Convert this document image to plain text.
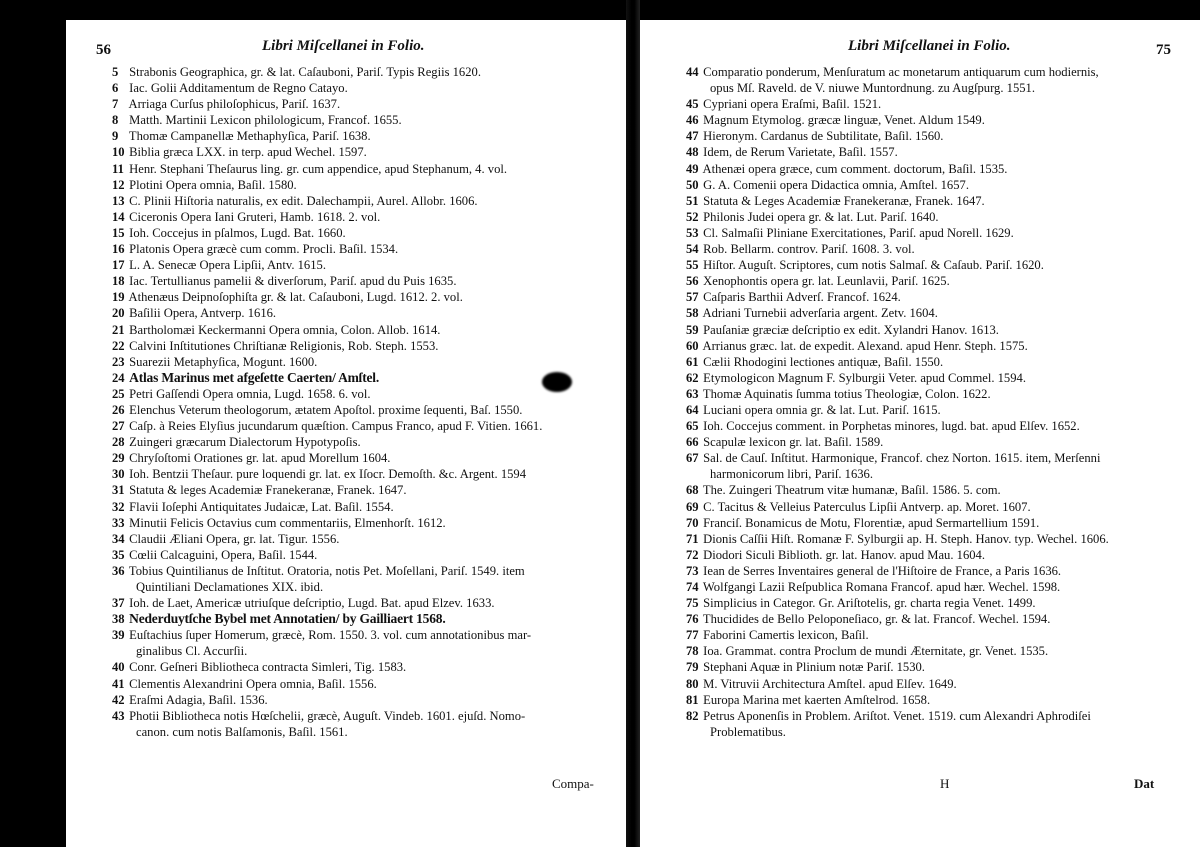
56	Libri Miſcellanei in Folio.
5 Strabonis Geographica, gr. & lat. Caſauboni, Pariſ. Typis Regiis 1620.
6 Iac. Golii Additamentum de Regno Catayo.
7 Arriaga Curſus philoſophicus, Pariſ. 1637.
8 Matth. Martinii Lexicon philologicum, Francof. 1655.
9 Thomæ Campanellæ Methaphyſica, Pariſ. 1638.
10 Biblia græca LXX. in terp. apud Wechel. 1597.
11 Henr. Stephani Theſaurus ling. gr. cum appendice, apud Stephanum, 4. vol.
12 Plotini Opera omnia, Baſil. 1580.
13 C. Plinii Hiſtoria naturalis, ex edit. Dalechampii, Aurel. Allobr. 1606.
14 Ciceronis Opera Iani Gruteri, Hamb. 1618. 2. vol.
15 Ioh. Coccejus in pſalmos, Lugd. Bat. 1660.
16 Platonis Opera græcè cum comm. Procli. Baſil. 1534.
17 L. A. Senecæ Opera Lipſii, Antv. 1615.
18 Iac. Tertullianus pamelii & diverſorum, Pariſ. apud du Puis 1635.
19 Athenæus Deipnoſophiſta gr. & lat. Caſauboni, Lugd. 1612. 2. vol.
20 Baſilii Opera, Antverp. 1616.
21 Bartholomæi Keckermanni Opera omnia, Colon. Allob. 1614.
22 Calvini Inſtitutiones Chriſtianæ Religionis, Rob. Steph. 1553.
23 Suarezii Metaphyſica, Mogunt. 1600.
24 Atlas Marinus met afgeſette Caerten/ Amſtel.
25 Petri Gaſſendi Opera omnia, Lugd. 1658. 6. vol.
26 Elenchus Veterum theologorum, ætatem Apoſtol. proxime ſequenti, Baſ. 1550.
27 Caſp. à Reies Elyſius jucundarum quæſtion. Campus Franco, apud F. Vitien. 1661.
28 Zuingeri græcarum Dialectorum Hypotypoſis.
29 Chryſoſtomi Orationes gr. lat. apud Morellum 1604.
30 Ioh. Bentzii Theſaur. pure loquendi gr. lat. ex Iſocr. Demoſth. &c. Argent. 1594
31 Statuta & leges Academiæ Franekeranæ, Franek. 1647.
32 Flavii Ioſephi Antiquitates Judaicæ, Lat. Baſil. 1554.
33 Minutii Felicis Octavius cum commentariis, Elmenhorſt. 1612.
34 Claudii Æliani Opera, gr. lat. Tigur. 1556.
35 Cœlii Calcaguini, Opera, Baſil. 1544.
36 Tobius Quintilianus de Inſtitut. Oratoria, notis Pet. Moſellani, Pariſ. 1549. item
Quintiliani Declamationes XIX. ibid.
37 Ioh. de Laet, Americæ utriuſque deſcriptio, Lugd. Bat. apud Elzev. 1633.
38 Nederduytſche Bybel met Annotatien/ by Gailliaert 1568.
39 Euſtachius ſuper Homerum, græcè, Rom. 1550. 3. vol. cum annotationibus mar-
ginalibus Cl. Accurſii.
40 Conr. Geſneri Bibliotheca contracta Simleri, Tig. 1583.
41 Clementis Alexandrini Opera omnia, Baſil. 1556.
42 Eraſmi Adagia, Baſil. 1536.
43 Photii Bibliotheca notis Hœſchelii, græcè, Auguſt. Vindeb. 1601. ejuſd. Nomo-
canon. cum notis Balſamonis, Baſil. 1561.
Compa-
Libri Miſcellanei in Folio.	75
44 Comparatio ponderum, Menſuratum ac monetarum antiquarum cum hodiernis,
opus Mſ. Raveld. de V. niuwe Muntordnung. zu Augſpurg. 1551.
45 Cypriani opera Eraſmi, Baſil. 1521.
46 Magnum Etymolog. græcæ linguæ, Venet. Aldum 1549.
47 Hieronym. Cardanus de Subtilitate, Baſil. 1560.
48 Idem, de Rerum Varietate, Baſil. 1557.
49 Athenæi opera græce, cum comment. doctorum, Baſil. 1535.
50 G. A. Comenii opera Didactica omnia, Amſtel. 1657.
51 Statuta & Leges Academiæ Franekeranæ, Franek. 1647.
52 Philonis Judei opera gr. & lat. Lut. Pariſ. 1640.
53 Cl. Salmaſii Pliniane Exercitationes, Pariſ. apud Norell. 1629.
54 Rob. Bellarm. controv. Pariſ. 1608. 3. vol.
55 Hiſtor. Auguſt. Scriptores, cum notis Salmaſ. & Caſaub. Pariſ. 1620.
56 Xenophontis opera gr. lat. Leunlavii, Pariſ. 1625.
57 Caſparis Barthii Adverſ. Francof. 1624.
58 Adriani Turnebii adverſaria argent. Zetv. 1604.
59 Pauſaniæ græciæ deſcriptio ex edit. Xylandri Hanov. 1613.
60 Arrianus græc. lat. de expedit. Alexand. apud Henr. Steph. 1575.
61 Cælii Rhodogini lectiones antiquæ, Baſil. 1550.
62 Etymologicon Magnum F. Sylburgii Veter. apud Commel. 1594.
63 Thomæ Aquinatis ſumma totius Theologiæ, Colon. 1622.
64 Luciani opera omnia gr. & lat. Lut. Pariſ. 1615.
65 Ioh. Coccejus comment. in Porphetas minores, lugd. bat. apud Elſev. 1652.
66 Scapulæ lexicon gr. lat. Baſil. 1589.
67 Sal. de Cauſ. Inſtitut. Harmonique, Francof. chez Norton. 1615. item, Merſenni
harmonicorum libri, Pariſ. 1636.
68 The. Zuingeri Theatrum vitæ humanæ, Baſil. 1586. 5. com.
69 C. Tacitus & Velleius Paterculus Lipſii Antverp. ap. Moret. 1607.
70 Franciſ. Bonamicus de Motu, Florentiæ, apud Sermartellium 1591.
71 Dionis Caſſii Hiſt. Romanæ F. Sylburgii ap. H. Steph. Hanov. typ. Wechel. 1606.
72 Diodori Siculi Biblioth. gr. lat. Hanov. apud Mau. 1604.
73 Iean de Serres Inventaires general de l'Hiſtoire de France, a Paris 1636.
74 Wolfgangi Lazii Reſpublica Romana Francof. apud hær. Wechel. 1598.
75 Simplicius in Categor. Gr. Ariſtotelis, gr. charta regia Venet. 1499.
76 Thucidides de Bello Peloponeſiaco, gr. & lat. Francof. Wechel. 1594.
77 Faborini Camertis lexicon, Baſil.
78 Ioa. Grammat. contra Proclum de mundi Æternitate, gr. Venet. 1535.
79 Stephani Aquæ in Plinium notæ Pariſ. 1530.
80 M. Vitruvii Architectura Amſtel. apud Elſev. 1649.
81 Europa Marina met kaerten Amſtelrod. 1658.
82 Petrus Aponenſis in Problem. Ariſtot. Venet. 1519. cum Alexandri Aphrodiſei
Problematibus.
H	Dat
